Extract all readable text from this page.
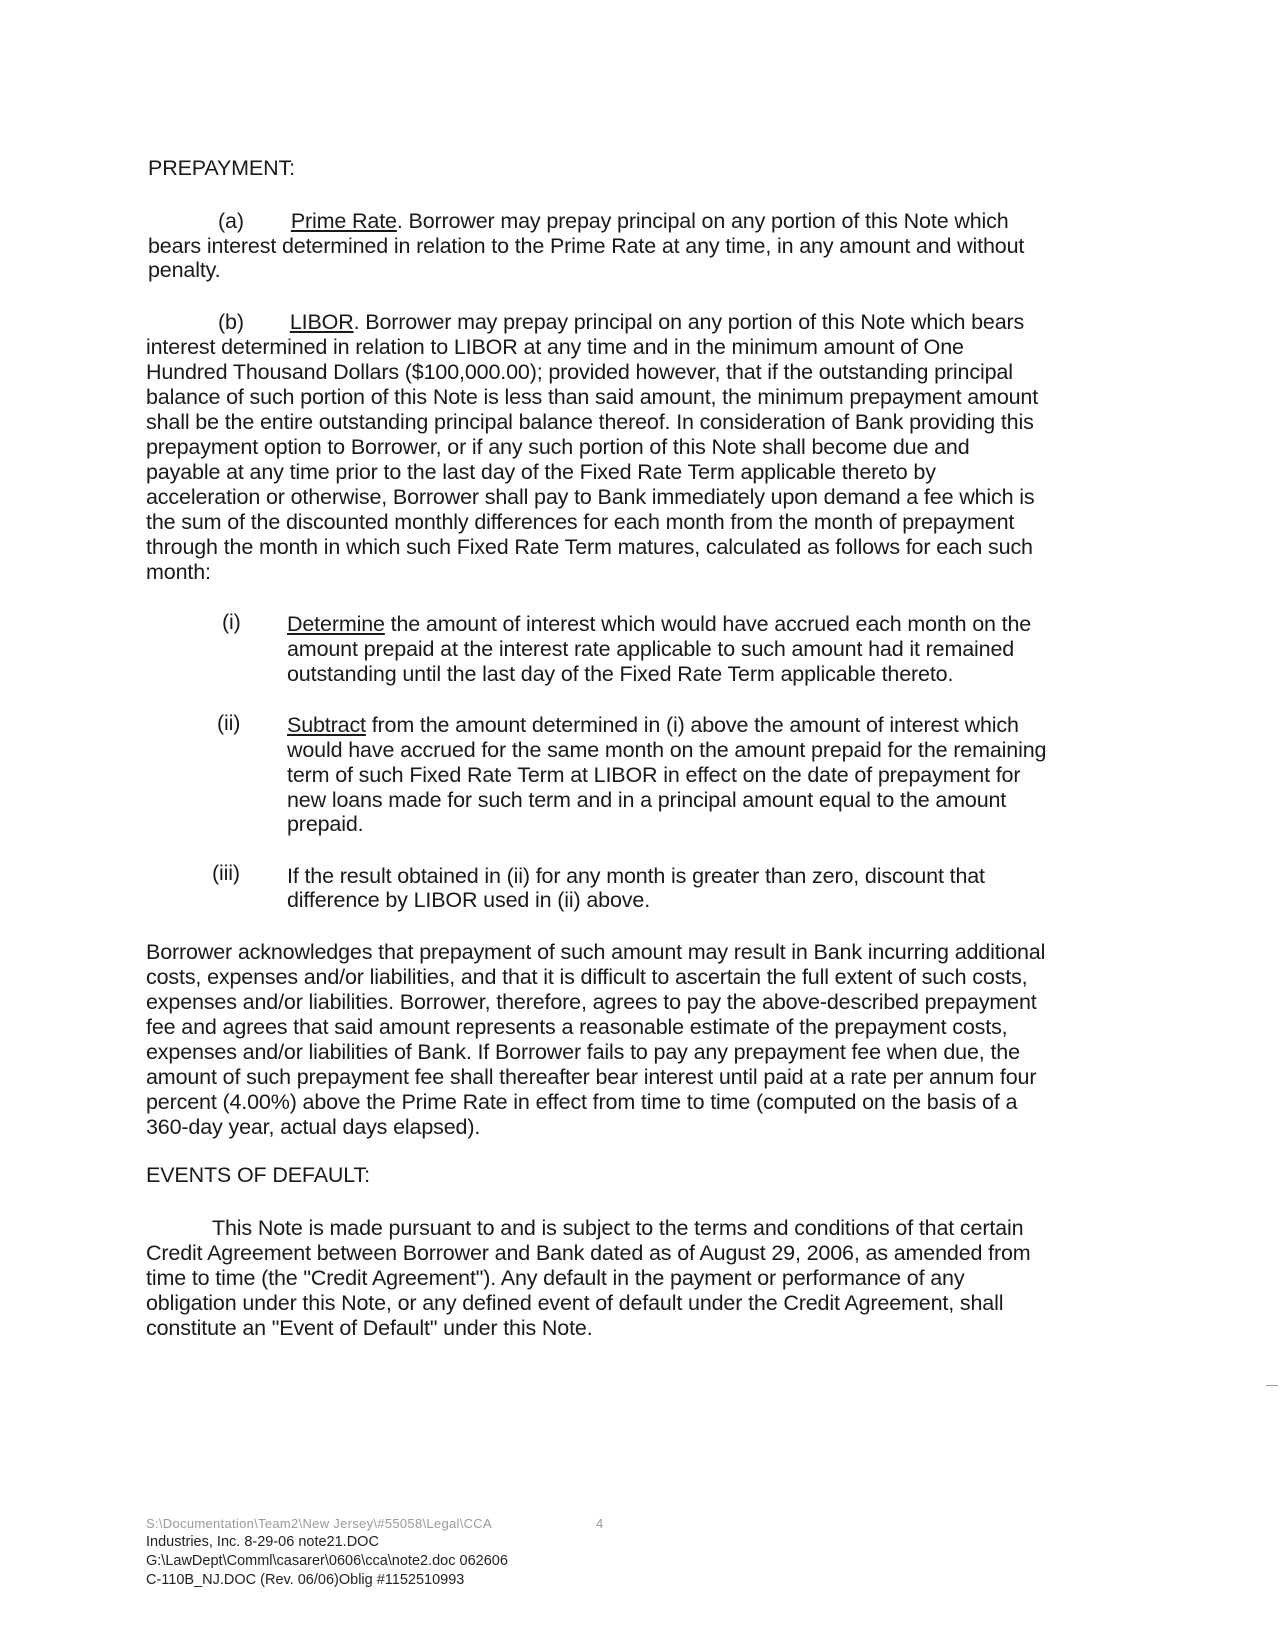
PREPAYMENT:
(a) Prime Rate. Borrower may prepay principal on any portion of this Note which
bears interest determined in relation to the Prime Rate at any time, in any amount and without
penalty.
(b) LIBOR. Borrower may prepay principal on any portion of this Note which bears
interest determined in relation to LIBOR at any time and in the minimum amount of One
Hundred Thousand Dollars ($100,000.00); provided however, that if the outstanding principal
balance of such portion of this Note is less than said amount, the minimum prepayment amount
shall be the entire outstanding principal balance thereof. In consideration of Bank providing this
prepayment option to Borrower, or if any such portion of this Note shall become due and
payable at any time prior to the last day of the Fixed Rate Term applicable thereto by
acceleration or otherwise, Borrower shall pay to Bank immediately upon demand a fee which is
the sum of the discounted monthly differences for each month from the month of prepayment
through the month in which such Fixed Rate Term matures, calculated as follows for each such
month:
(i) Determine the amount of interest which would have accrued each month on the
amount prepaid at the interest rate applicable to such amount had it remained
outstanding until the last day of the Fixed Rate Term applicable thereto.
(ii) Subtract from the amount determined in (i) above the amount of interest which
would have accrued for the same month on the amount prepaid for the remaining
term of such Fixed Rate Term at LIBOR in effect on the date of prepayment for
new loans made for such term and in a principal amount equal to the amount
prepaid.
(iii) If the result obtained in (ii) for any month is greater than zero, discount that
difference by LIBOR used in (ii) above.
Borrower acknowledges that prepayment of such amount may result in Bank incurring additional
costs, expenses and/or liabilities, and that it is difficult to ascertain the full extent of such costs,
expenses and/or liabilities. Borrower, therefore, agrees to pay the above-described prepayment
fee and agrees that said amount represents a reasonable estimate of the prepayment costs,
expenses and/or liabilities of Bank. If Borrower fails to pay any prepayment fee when due, the
amount of such prepayment fee shall thereafter bear interest until paid at a rate per annum four
percent (4.00%) above the Prime Rate in effect from time to time (computed on the basis of a
360-day year, actual days elapsed).
EVENTS OF DEFAULT:
This Note is made pursuant to and is subject to the terms and conditions of that certain
Credit Agreement between Borrower and Bank dated as of August 29, 2006, as amended from
time to time (the "Credit Agreement"). Any default in the payment or performance of any
obligation under this Note, or any defined event of default under the Credit Agreement, shall
constitute an "Event of Default" under this Note.
S:\Documentation\Team2\New Jersey\#55058\Legal\CCA	4
Industries, Inc. 8-29-06 note21.DOC
G:\LawDept\Comml\casarer\0606\cca\note2.doc 062606
C-110B_NJ.DOC (Rev. 06/06)Oblig #1152510993
